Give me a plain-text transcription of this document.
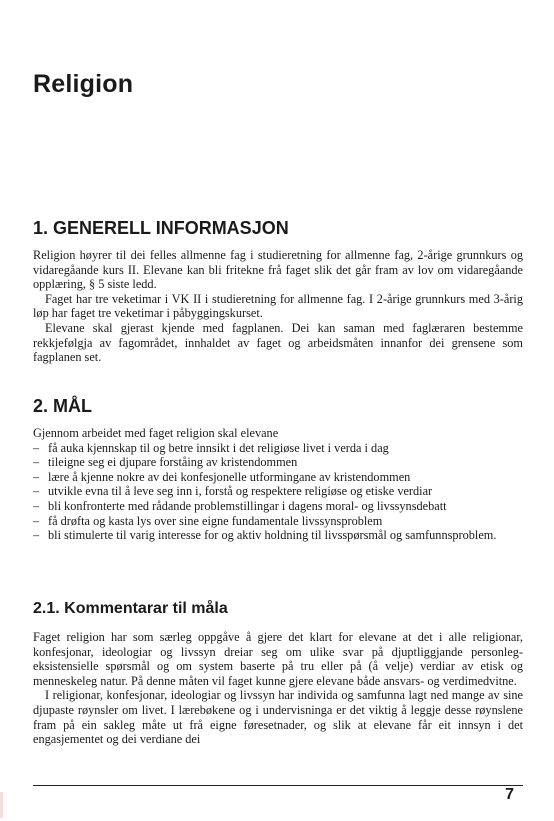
Religion
1. GENERELL INFORMASJON

Religion høyrer til dei felles allmenne fag i studieretning for allmenne fag, 2-årige grunnkurs og vidaregåande kurs II. Elevane kan bli fritekne frå faget slik det går fram av lov om vidaregåande opplæring, § 5 siste ledd.

Faget har tre veketimar i VK II i studieretning for allmenne fag. I 2-årige grunnkurs med 3-årig løp har faget tre veketimar i påbyggingskurset.

Elevane skal gjerast kjende med fagplanen. Dei kan saman med faglæraren bestemme rekkjefølgja av fagområdet, innhaldet av faget og arbeidsmåten innanfor dei grensene som fagplanen set.

2. MÅL

Gjennom arbeidet med faget religion skal elevane

– få auka kjennskap til og betre innsikt i det religiøse livet i verda i dag
– tileigne seg ei djupare forståing av kristendommen
– lære å kjenne nokre av dei konfesjonelle utformingane av kristendommen
– utvikle evna til å leve seg inn i, forstå og respektere religiøse og etiske verdiar
– bli konfronterte med rådande problemstillingar i dagens moral- og livssynsdebatt
– få drøfta og kasta lys over sine eigne fundamentale livssynsproblem
– bli stimulerte til varig interesse for og aktiv holdning til livsspørsmål og samfunnsproblem.
2.1. Kommentarar til måla

Faget religion har som særleg oppgåve å gjere det klart for elevane at det i alle religionar, konfesjonar, ideologiar og livssyn dreiar seg om ulike svar på djuptliggjande personleg-eksistensielle spørsmål og om system baserte på tru eller på (å velje) verdiar av etisk og menneskeleg natur. På denne måten vil faget kunne gjere elevane både ansvars- og verdimedvitne.

I religionar, konfesjonar, ideologiar og livssyn har individa og samfunna lagt ned mange av sine djupaste røynsler om livet. I lærebøkene og i undervisninga er det viktig å leggje desse røynslene fram på ein sakleg måte ut frå eigne føresetnader, og slik at elevane får eit innsyn i det engasjementet og dei verdiane dei

7
